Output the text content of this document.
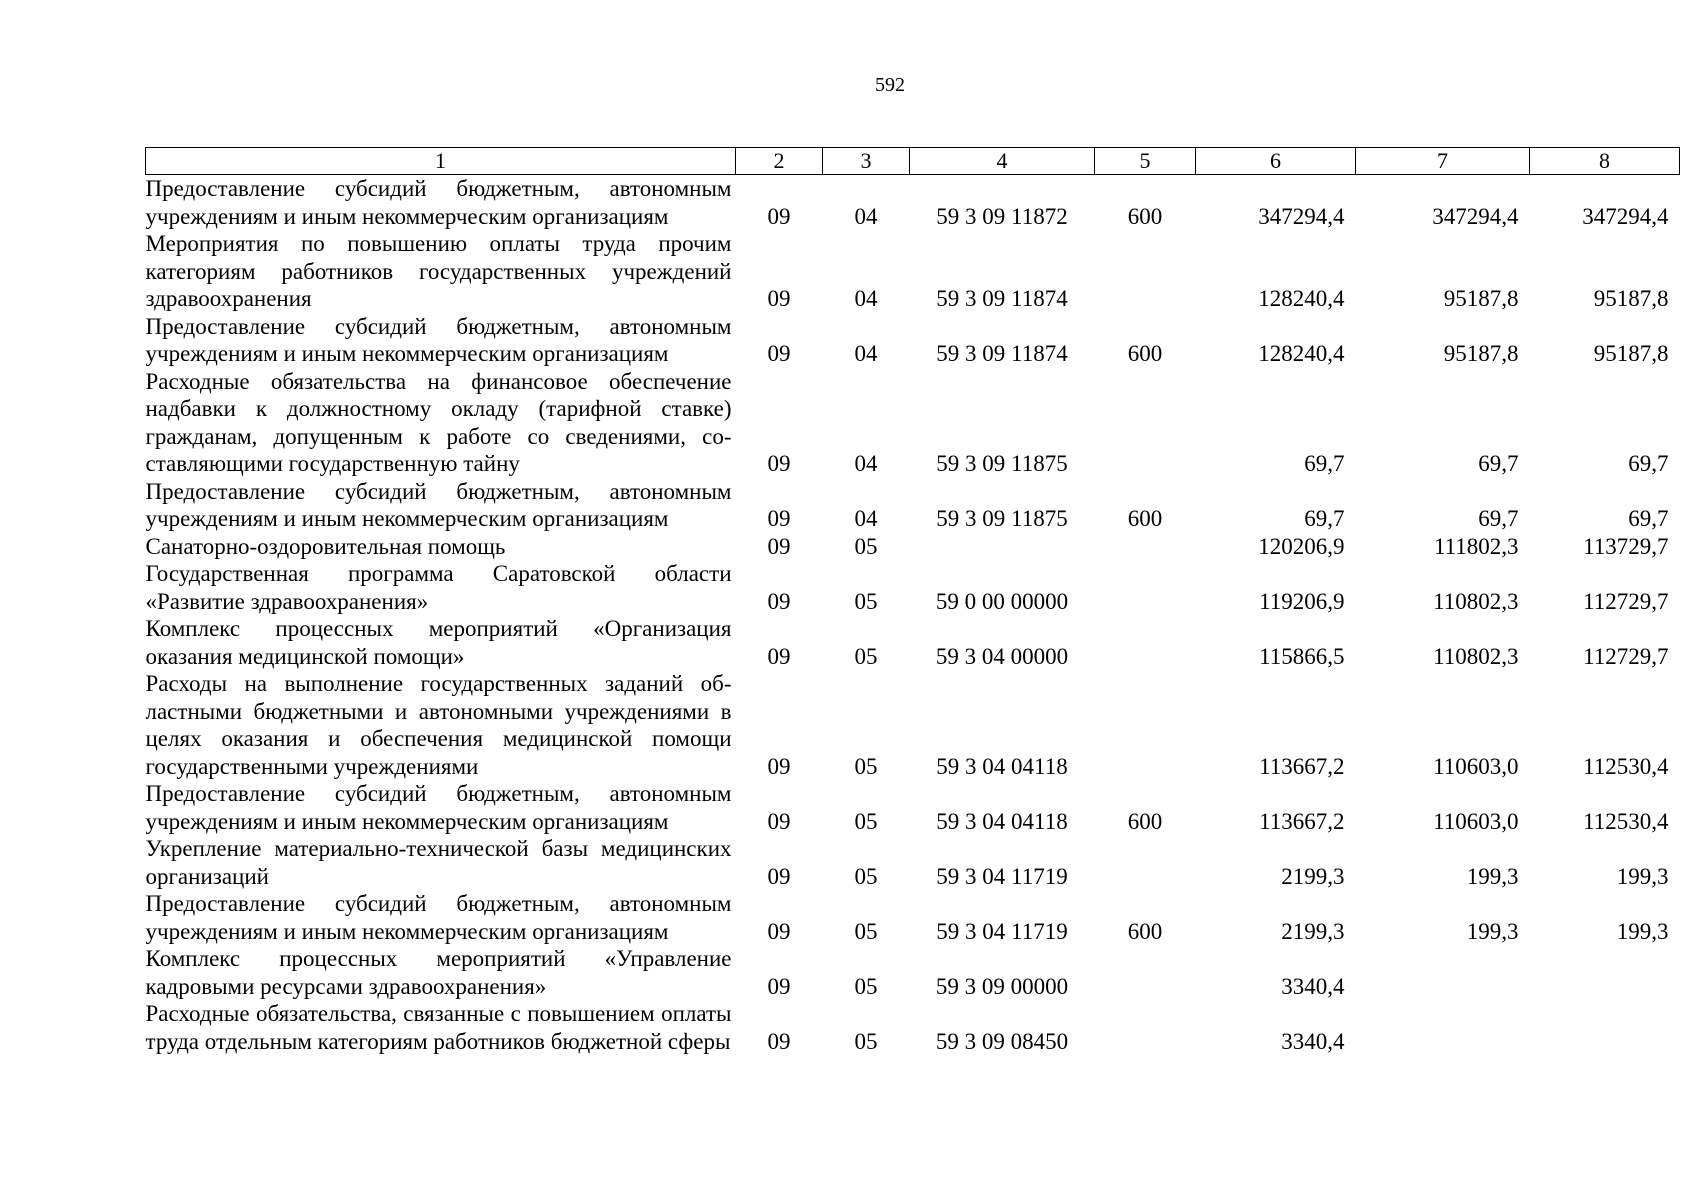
592
1	2	3	4	5	6	7	8
Предоставление субсидий бюджетным, автономным учреждениям и иным некоммерческим организациям	09	04	59 3 09 11872	600	347294,4	347294,4	347294,4
Мероприятия по повышению оплаты труда прочим категориям работников государственных учреждений здравоохранения	09	04	59 3 09 11874		128240,4	95187,8	95187,8
Предоставление субсидий бюджетным, автономным учреждениям и иным некоммерческим организациям	09	04	59 3 09 11874	600	128240,4	95187,8	95187,8
Расходные обязательства на финансовое обеспечение надбавки к должностному окладу (тарифной ставке) гражданам, допущенным к работе со сведениями, составляющими государственную тайну	09	04	59 3 09 11875		69,7	69,7	69,7
Предоставление субсидий бюджетным, автономным учреждениям и иным некоммерческим организациям	09	04	59 3 09 11875	600	69,7	69,7	69,7
Санаторно-оздоровительная помощь	09	05			120206,9	111802,3	113729,7
Государственная программа Саратовской области «Развитие здравоохранения»	09	05	59 0 00 00000		119206,9	110802,3	112729,7
Комплекс процессных мероприятий «Организация оказания медицинской помощи»	09	05	59 3 04 00000		115866,5	110802,3	112729,7
Расходы на выполнение государственных заданий областными бюджетными и автономными учреждениями в целях оказания и обеспечения медицинской помощи государственными учреждениями	09	05	59 3 04 04118		113667,2	110603,0	112530,4
Предоставление субсидий бюджетным, автономным учреждениям и иным некоммерческим организациям	09	05	59 3 04 04118	600	113667,2	110603,0	112530,4
Укрепление материально-технической базы медицинских организаций	09	05	59 3 04 11719		2199,3	199,3	199,3
Предоставление субсидий бюджетным, автономным учреждениям и иным некоммерческим организациям	09	05	59 3 04 11719	600	2199,3	199,3	199,3
Комплекс процессных мероприятий «Управление кадровыми ресурсами здравоохранения»	09	05	59 3 09 00000		3340,4		
Расходные обязательства, связанные с повышением оплаты труда отдельным категориям работников бюджетной сферы	09	05	59 3 09 08450		3340,4		
